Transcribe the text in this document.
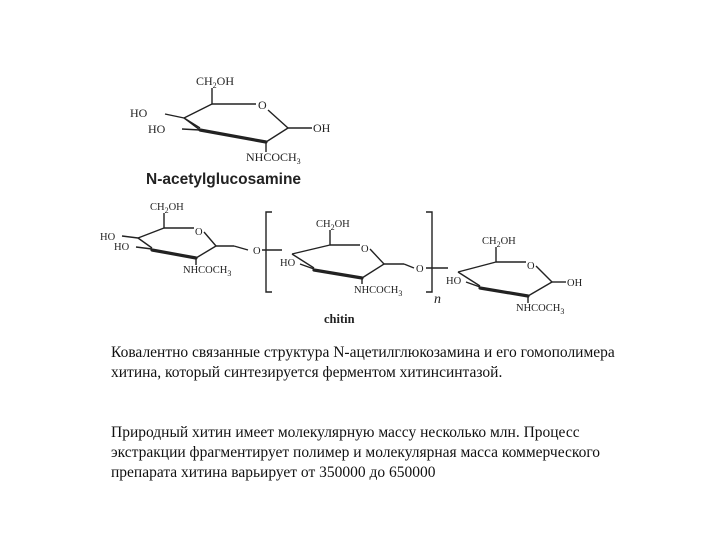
$CH_2OH$
O
HO
HO	OH
$NHCOCH_3$
N-acetylglucosamine
$CH_2OH$
O
HO
HO
$NHCOCH_3$
O
$CH_2OH$
O
HO
$NHCOCH_3$
O
n
$CH_2OH$
O
HO	OH
$NHCOCH_3$
chitin

Ковалентно связанные структура N-ацетилглюкозамина и его гомополимера хитина, который синтезируется ферментом хитинсинтазой.

Природный хитин имеет молекулярную массу несколько млн. Процесс экстракции фрагментирует полимер и молекулярная масса коммерческого препарата хитина варьирует от 350000 до 650000
